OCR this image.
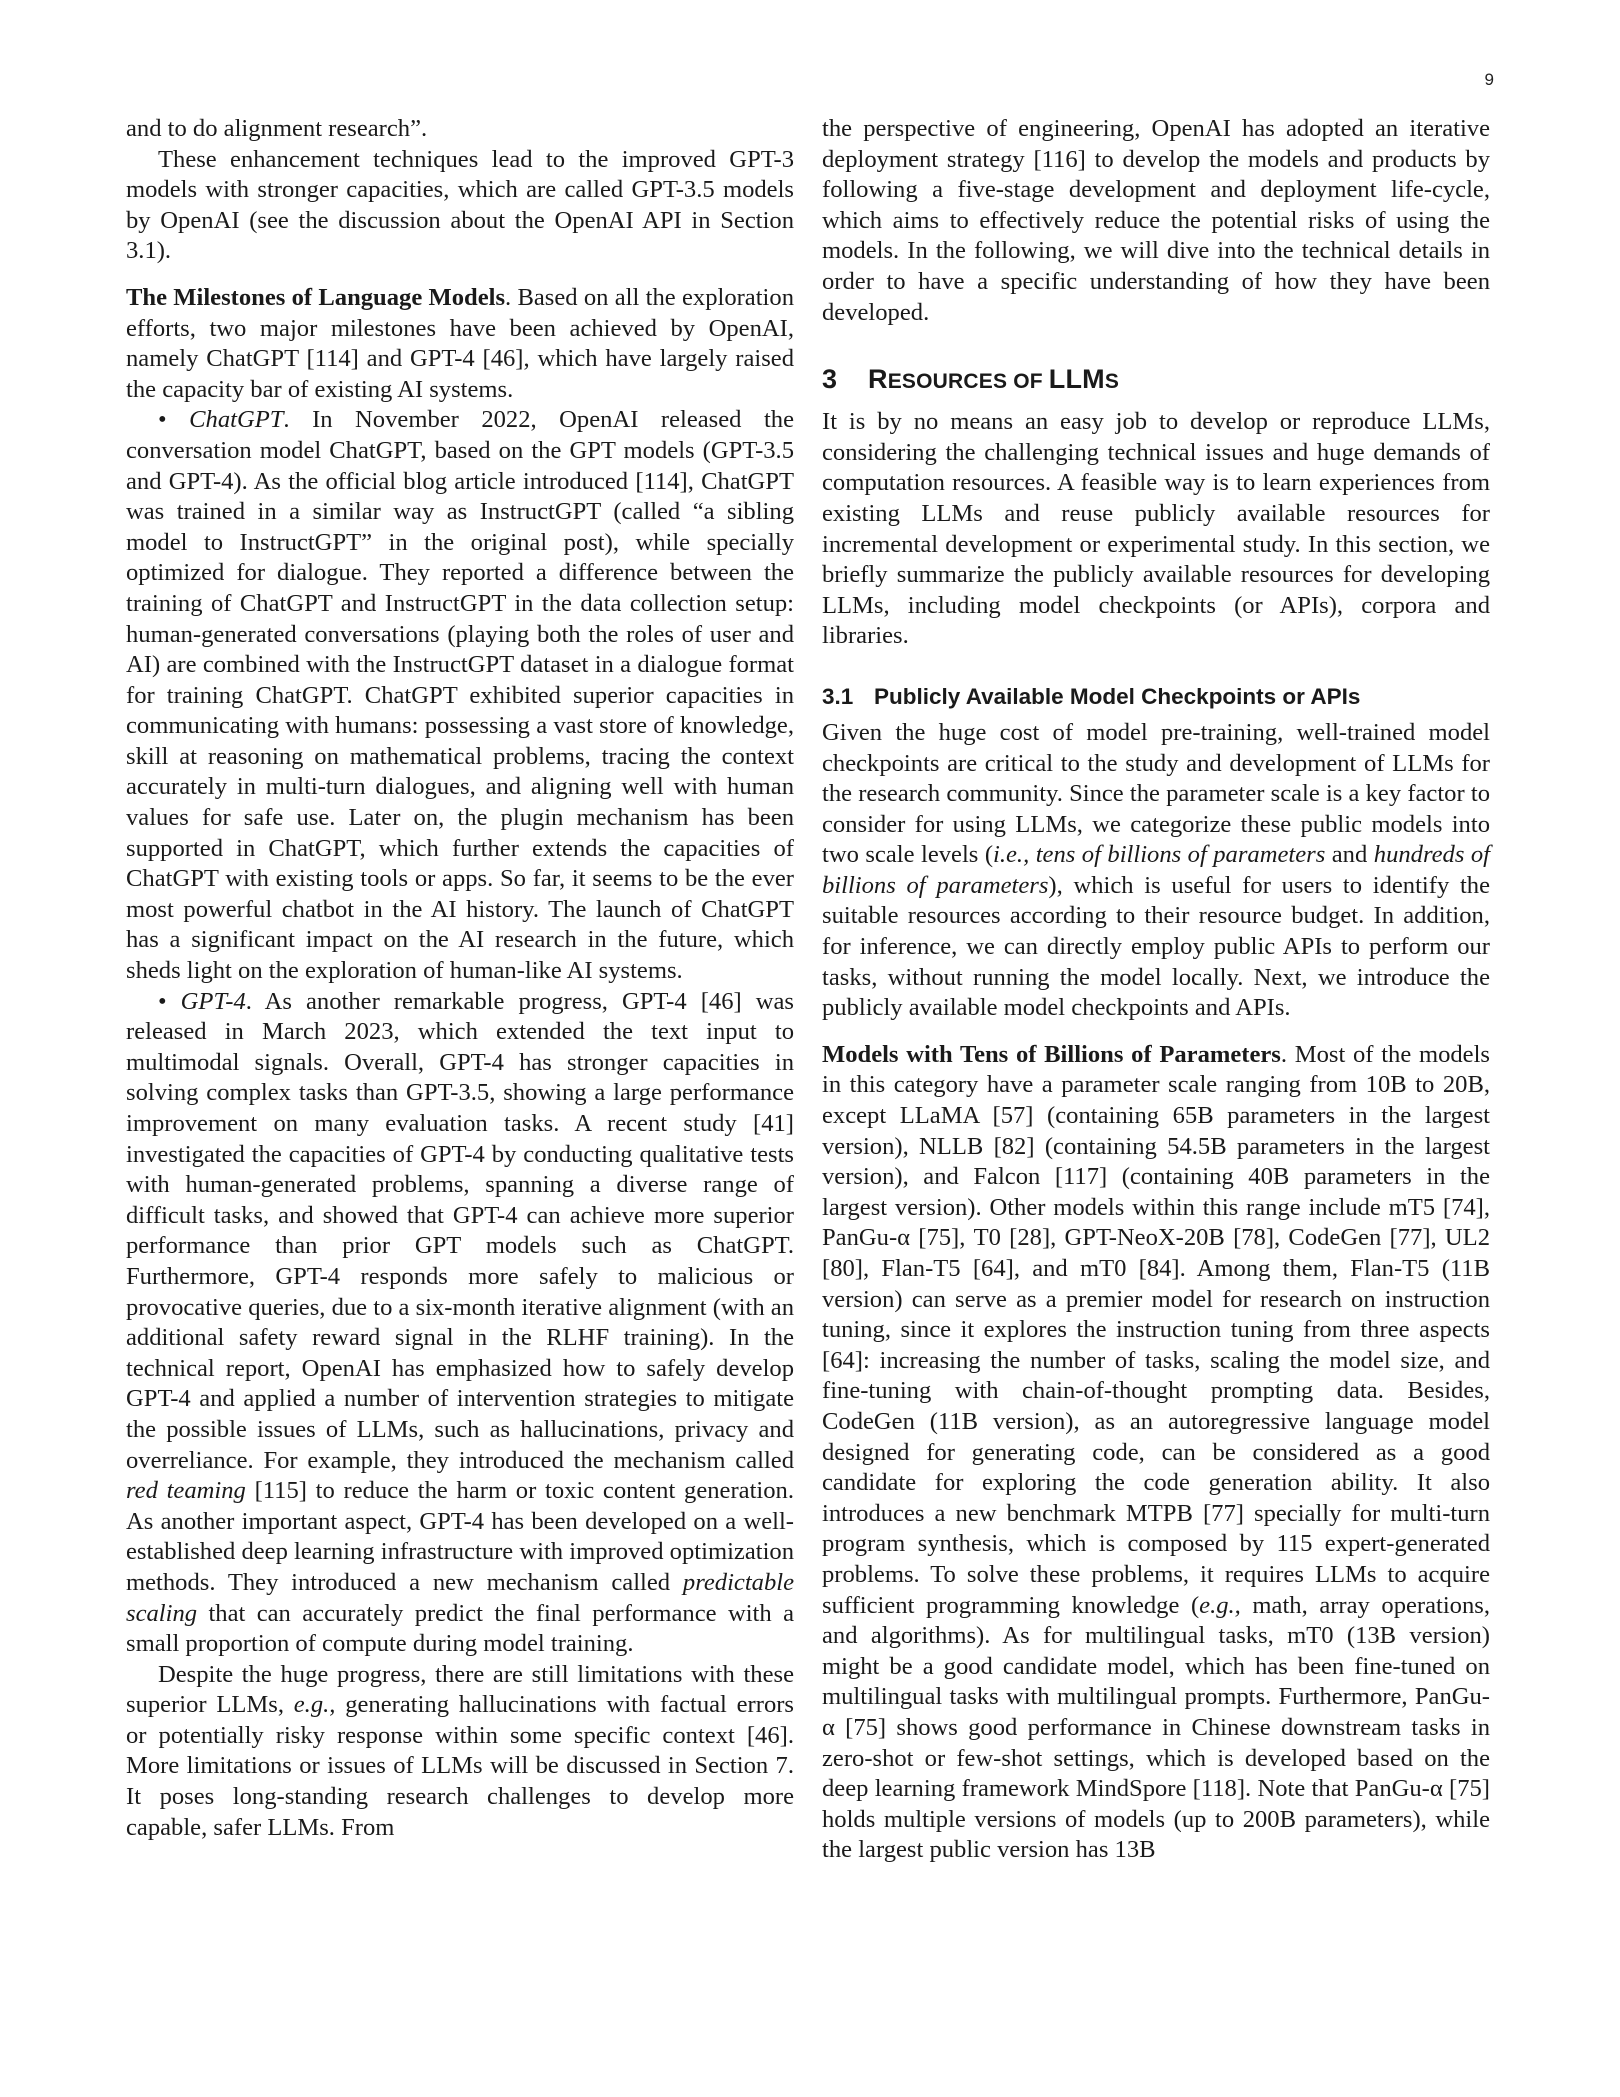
9

and to do alignment research”.

These enhancement techniques lead to the improved GPT-3 models with stronger capacities, which are called GPT-3.5 models by OpenAI (see the discussion about the OpenAI API in Section 3.1).

The Milestones of Language Models. Based on all the exploration efforts, two major milestones have been achieved by OpenAI, namely ChatGPT [114] and GPT-4 [46], which have largely raised the capacity bar of existing AI systems.

• ChatGPT. In November 2022, OpenAI released the conversation model ChatGPT, based on the GPT models (GPT-3.5 and GPT-4). As the official blog article introduced [114], ChatGPT was trained in a similar way as InstructGPT (called “a sibling model to InstructGPT” in the original post), while specially optimized for dialogue. They reported a difference between the training of ChatGPT and InstructGPT in the data collection setup: human-generated conversations (playing both the roles of user and AI) are combined with the InstructGPT dataset in a dialogue format for training ChatGPT. ChatGPT exhibited superior capacities in communicating with humans: possessing a vast store of knowledge, skill at reasoning on mathematical problems, tracing the context accurately in multi-turn dialogues, and aligning well with human values for safe use. Later on, the plugin mechanism has been supported in ChatGPT, which further extends the capacities of ChatGPT with existing tools or apps. So far, it seems to be the ever most powerful chatbot in the AI history. The launch of ChatGPT has a significant impact on the AI research in the future, which sheds light on the exploration of human-like AI systems.

• GPT-4. As another remarkable progress, GPT-4 [46] was released in March 2023, which extended the text input to multimodal signals. Overall, GPT-4 has stronger capacities in solving complex tasks than GPT-3.5, showing a large performance improvement on many evaluation tasks. A recent study [41] investigated the capacities of GPT-4 by conducting qualitative tests with human-generated problems, spanning a diverse range of difficult tasks, and showed that GPT-4 can achieve more superior performance than prior GPT models such as ChatGPT. Furthermore, GPT-4 responds more safely to malicious or provocative queries, due to a six-month iterative alignment (with an additional safety reward signal in the RLHF training). In the technical report, OpenAI has emphasized how to safely develop GPT-4 and applied a number of intervention strategies to mitigate the possible issues of LLMs, such as hallucinations, privacy and overreliance. For example, they introduced the mechanism called red teaming [115] to reduce the harm or toxic content generation. As another important aspect, GPT-4 has been developed on a well-established deep learning infrastructure with improved optimization methods. They introduced a new mechanism called predictable scaling that can accurately predict the final performance with a small proportion of compute during model training.

Despite the huge progress, there are still limitations with these superior LLMs, e.g., generating hallucinations with factual errors or potentially risky response within some specific context [46]. More limitations or issues of LLMs will be discussed in Section 7. It poses long-standing research challenges to develop more capable, safer LLMs. From

the perspective of engineering, OpenAI has adopted an iterative deployment strategy [116] to develop the models and products by following a five-stage development and deployment life-cycle, which aims to effectively reduce the potential risks of using the models. In the following, we will dive into the technical details in order to have a specific understanding of how they have been developed.

3 RESOURCES OF LLMS

It is by no means an easy job to develop or reproduce LLMs, considering the challenging technical issues and huge demands of computation resources. A feasible way is to learn experiences from existing LLMs and reuse publicly available resources for incremental development or experimental study. In this section, we briefly summarize the publicly available resources for developing LLMs, including model checkpoints (or APIs), corpora and libraries.

3.1 Publicly Available Model Checkpoints or APIs

Given the huge cost of model pre-training, well-trained model checkpoints are critical to the study and development of LLMs for the research community. Since the parameter scale is a key factor to consider for using LLMs, we categorize these public models into two scale levels (i.e., tens of billions of parameters and hundreds of billions of parameters), which is useful for users to identify the suitable resources according to their resource budget. In addition, for inference, we can directly employ public APIs to perform our tasks, without running the model locally. Next, we introduce the publicly available model checkpoints and APIs.

Models with Tens of Billions of Parameters. Most of the models in this category have a parameter scale ranging from 10B to 20B, except LLaMA [57] (containing 65B parameters in the largest version), NLLB [82] (containing 54.5B parameters in the largest version), and Falcon [117] (containing 40B parameters in the largest version). Other models within this range include mT5 [74], PanGu-α [75], T0 [28], GPT-NeoX-20B [78], CodeGen [77], UL2 [80], Flan-T5 [64], and mT0 [84]. Among them, Flan-T5 (11B version) can serve as a premier model for research on instruction tuning, since it explores the instruction tuning from three aspects [64]: increasing the number of tasks, scaling the model size, and fine-tuning with chain-of-thought prompting data. Besides, CodeGen (11B version), as an autoregressive language model designed for generating code, can be considered as a good candidate for exploring the code generation ability. It also introduces a new benchmark MTPB [77] specially for multi-turn program synthesis, which is composed by 115 expert-generated problems. To solve these problems, it requires LLMs to acquire sufficient programming knowledge (e.g., math, array operations, and algorithms). As for multilingual tasks, mT0 (13B version) might be a good candidate model, which has been fine-tuned on multilingual tasks with multilingual prompts. Furthermore, PanGu-α [75] shows good performance in Chinese downstream tasks in zero-shot or few-shot settings, which is developed based on the deep learning framework MindSpore [118]. Note that PanGu-α [75] holds multiple versions of models (up to 200B parameters), while the largest public version has 13B
